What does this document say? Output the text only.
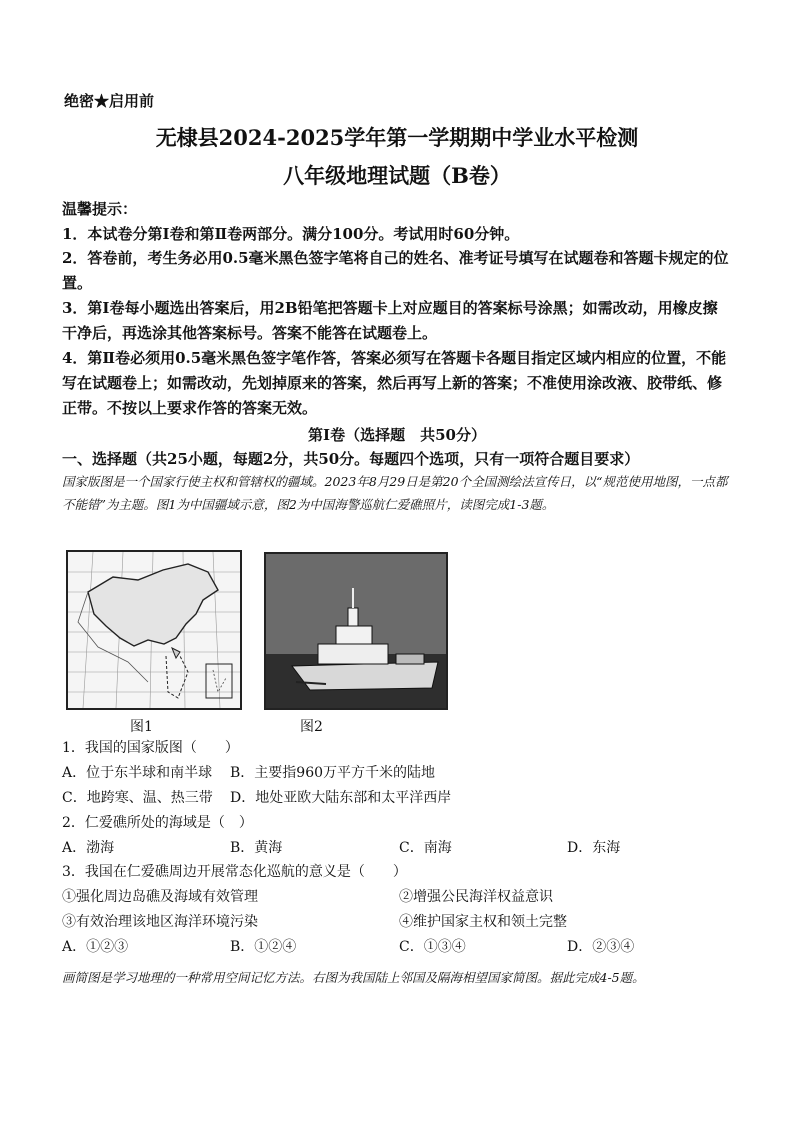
绝密★启用前
无棣县2024-2025学年第一学期期中学业水平检测
八年级地理试题（B卷）
温馨提示：
1．本试卷分第Ⅰ卷和第Ⅱ卷两部分。满分100分。考试用时60分钟。
2．答卷前，考生务必用0.5毫米黑色签字笔将自己的姓名、准考证号填写在试题卷和答题卡规定的位置。
3．第Ⅰ卷每小题选出答案后，用2B铅笔把答题卡上对应题目的答案标号涂黑；如需改动，用橡皮擦干净后，再选涂其他答案标号。答案不能答在试题卷上。
4．第Ⅱ卷必须用0.5毫米黑色签字笔作答，答案必须写在答题卡各题目指定区域内相应的位置，不能写在试题卷上；如需改动，先划掉原来的答案，然后再写上新的答案；不准使用涂改液、胶带纸、修正带。不按以上要求作答的答案无效。
第Ⅰ卷（选择题　共50分）
一、选择题（共25小题，每题2分，共50分。每题四个选项，只有一项符合题目要求）
国家版图是一个国家行使主权和管辖权的疆域。2023年8月29日是第20个全国测绘法宣传日，以“规范使用地图，一点都不能错”为主题。图1为中国疆域示意，图2为中国海警巡航仁爱礁照片，读图完成1-3题。
图1	图2
1．我国的国家版图（　　）
A．位于东半球和南半球 B．主要指960万平方千米的陆地
C．地跨寒、温、热三带 D．地处亚欧大陆东部和太平洋西岸
2．仁爱礁所处的海域是（　）
A．渤海	B．黄海	C．南海	D．东海
3．我国在仁爱礁周边开展常态化巡航的意义是（　　）
①强化周边岛礁及海域有效管理	②增强公民海洋权益意识
③有效治理该地区海洋环境污染	④维护国家主权和领土完整
A．①②③	B．①②④	C．①③④	D．②③④
画简图是学习地理的一种常用空间记忆方法。右图为我国陆上邻国及隔海相望国家简图。据此完成4-5题。
